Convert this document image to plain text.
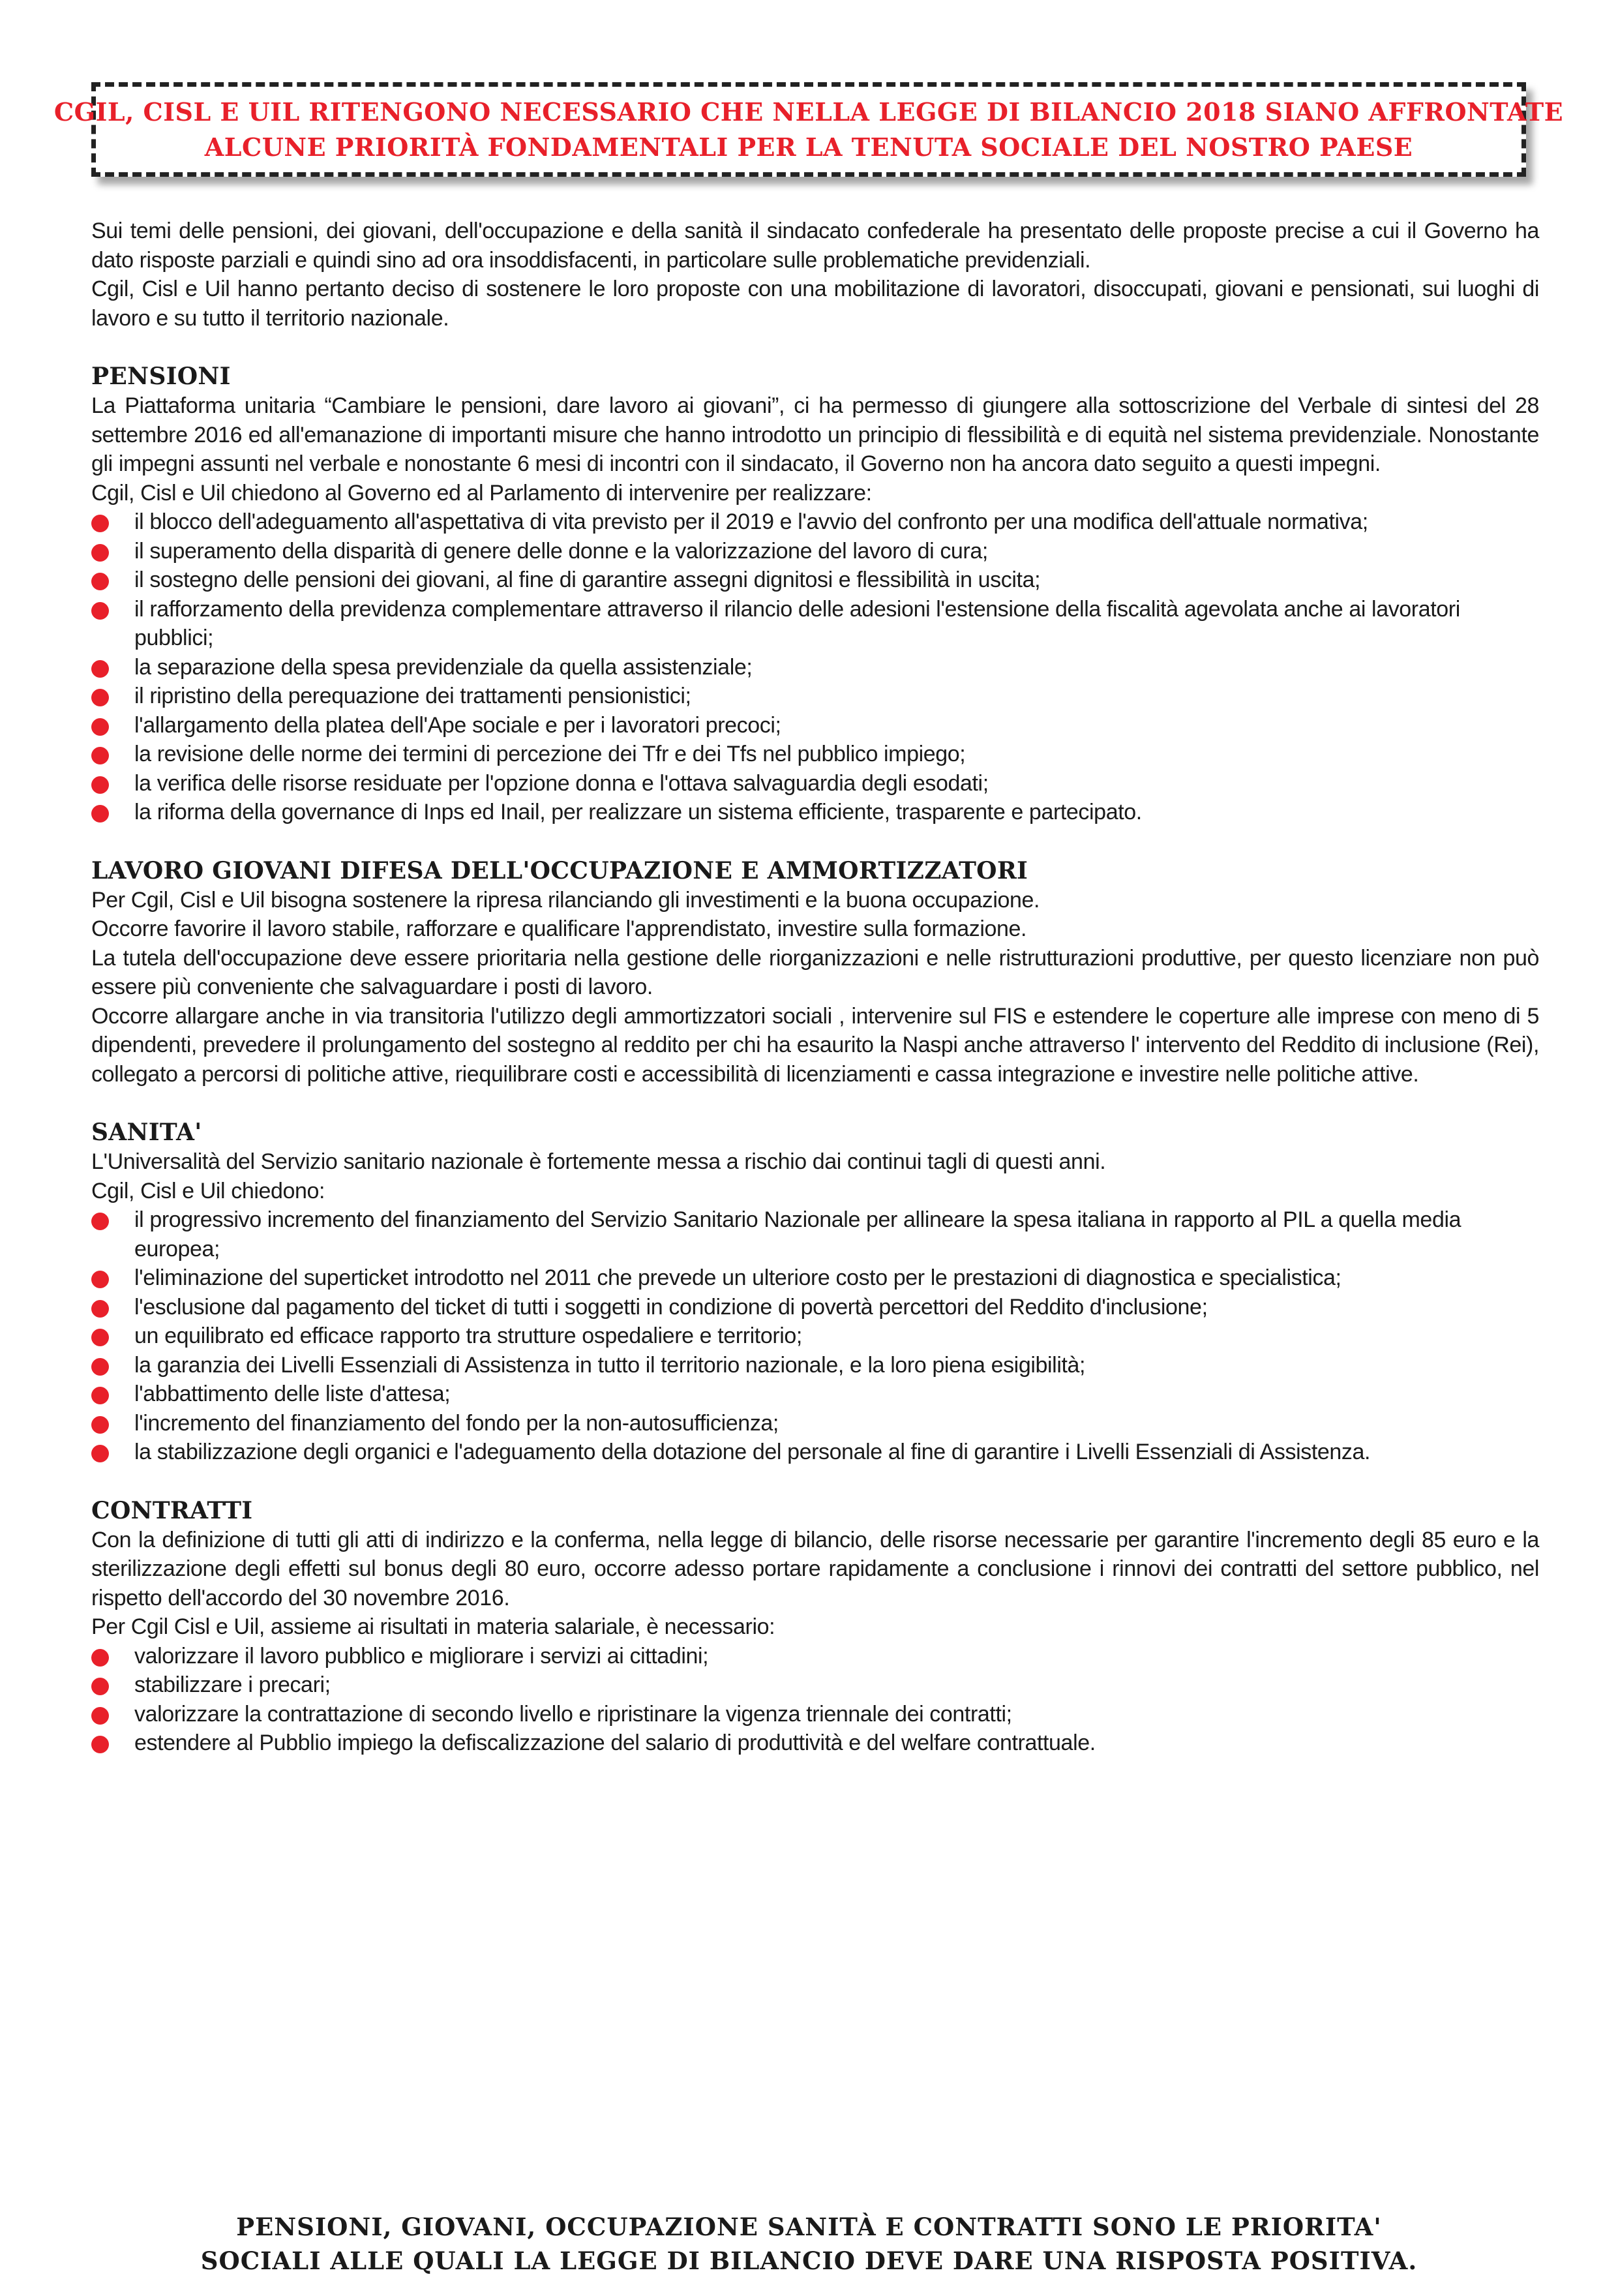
CGIL, CISL E UIL RITENGONO NECESSARIO CHE NELLA LEGGE DI BILANCIO 2018 SIANO AFFRONTATE
ALCUNE PRIORITÀ FONDAMENTALI PER LA TENUTA SOCIALE DEL NOSTRO PAESE

Sui temi delle pensioni, dei giovani, dell'occupazione e della sanità il sindacato confederale ha presentato delle proposte precise a cui il Governo ha dato risposte parziali e quindi sino ad ora insoddisfacenti, in particolare sulle problematiche previdenziali.

Cgil, Cisl e Uil hanno pertanto deciso di sostenere le loro proposte con una mobilitazione di lavoratori, disoccupati, giovani e pensionati, sui luoghi di lavoro e su tutto il territorio nazionale.

PENSIONI

La Piattaforma unitaria “Cambiare le pensioni, dare lavoro ai giovani”, ci ha permesso di giungere alla sottoscrizione del Verbale di sintesi del 28 settembre 2016 ed all'emanazione di importanti misure che hanno introdotto un principio di flessibilità e di equità nel sistema previdenziale. Nonostante gli impegni assunti nel verbale e nonostante 6 mesi di incontri con il sindacato, il Governo non ha ancora dato seguito a questi impegni.

Cgil, Cisl e Uil chiedono al Governo ed al Parlamento di intervenire per realizzare:

il blocco dell'adeguamento all'aspettativa di vita previsto per il 2019 e l'avvio del confronto per una modifica dell'attuale normativa;
il superamento della disparità di genere delle donne e la valorizzazione del lavoro di cura;
il sostegno delle pensioni dei giovani, al fine di garantire assegni dignitosi e flessibilità in uscita;
il rafforzamento della previdenza complementare attraverso il rilancio delle adesioni l'estensione della fiscalità agevolata anche ai lavoratori pubblici;
la separazione della spesa previdenziale da quella assistenziale;
il ripristino della perequazione dei trattamenti pensionistici;
l'allargamento della platea dell'Ape sociale e per i lavoratori precoci;
la revisione delle norme dei termini di percezione dei Tfr e dei Tfs nel pubblico impiego;
la verifica delle risorse residuate per l'opzione donna e l'ottava salvaguardia degli esodati;
la riforma della governance di Inps ed Inail, per realizzare un sistema efficiente, trasparente e partecipato.
LAVORO GIOVANI DIFESA DELL'OCCUPAZIONE E AMMORTIZZATORI

Per Cgil, Cisl e Uil bisogna sostenere la ripresa rilanciando gli investimenti e la buona occupazione.

Occorre favorire il lavoro stabile, rafforzare e qualificare l'apprendistato, investire sulla formazione.

La tutela dell'occupazione deve essere prioritaria nella gestione delle riorganizzazioni e nelle ristrutturazioni produttive, per questo licenziare non può essere più conveniente che salvaguardare i posti di lavoro.

Occorre allargare anche in via transitoria l'utilizzo degli ammortizzatori sociali , intervenire sul FIS e estendere le coperture alle imprese con meno di 5 dipendenti, prevedere il prolungamento del sostegno al reddito per chi ha esaurito la Naspi anche attraverso l' intervento del Reddito di inclusione (Rei), collegato a percorsi di politiche attive, riequilibrare costi e accessibilità di licenziamenti e cassa integrazione e investire nelle politiche attive.

SANITA'

L'Universalità del Servizio sanitario nazionale è fortemente messa a rischio dai continui tagli di questi anni.

Cgil, Cisl e Uil chiedono:

il progressivo incremento del finanziamento del Servizio Sanitario Nazionale per allineare la spesa italiana in rapporto al PIL a quella media europea;
l'eliminazione del superticket introdotto nel 2011 che prevede un ulteriore costo per le prestazioni di diagnostica e specialistica;
l'esclusione dal pagamento del ticket di tutti i soggetti in condizione di povertà percettori del Reddito d'inclusione;
un equilibrato ed efficace rapporto tra strutture ospedaliere e territorio;
la garanzia dei Livelli Essenziali di Assistenza in tutto il territorio nazionale, e la loro piena esigibilità;
l'abbattimento delle liste d'attesa;
l'incremento del finanziamento del fondo per la non-autosufficienza;
la stabilizzazione degli organici e l'adeguamento della dotazione del personale al fine di garantire i Livelli Essenziali di Assistenza.
CONTRATTI

Con la definizione di tutti gli atti di indirizzo e la conferma, nella legge di bilancio, delle risorse necessarie per garantire l'incremento degli 85 euro e la sterilizzazione degli effetti sul bonus degli 80 euro, occorre adesso portare rapidamente a conclusione i rinnovi dei contratti del settore pubblico, nel rispetto dell'accordo del 30 novembre 2016.

Per Cgil Cisl e Uil, assieme ai risultati in materia salariale, è necessario:

valorizzare il lavoro pubblico e migliorare i servizi ai cittadini;
stabilizzare i precari;
valorizzare la contrattazione di secondo livello e ripristinare la vigenza triennale dei contratti;
estendere al Pubblio impiego la defiscalizzazione del salario di produttività e del welfare contrattuale.
PENSIONI, GIOVANI, OCCUPAZIONE SANITÀ E CONTRATTI SONO LE PRIORITA'
SOCIALI ALLE QUALI LA LEGGE DI BILANCIO DEVE DARE UNA RISPOSTA POSITIVA.
